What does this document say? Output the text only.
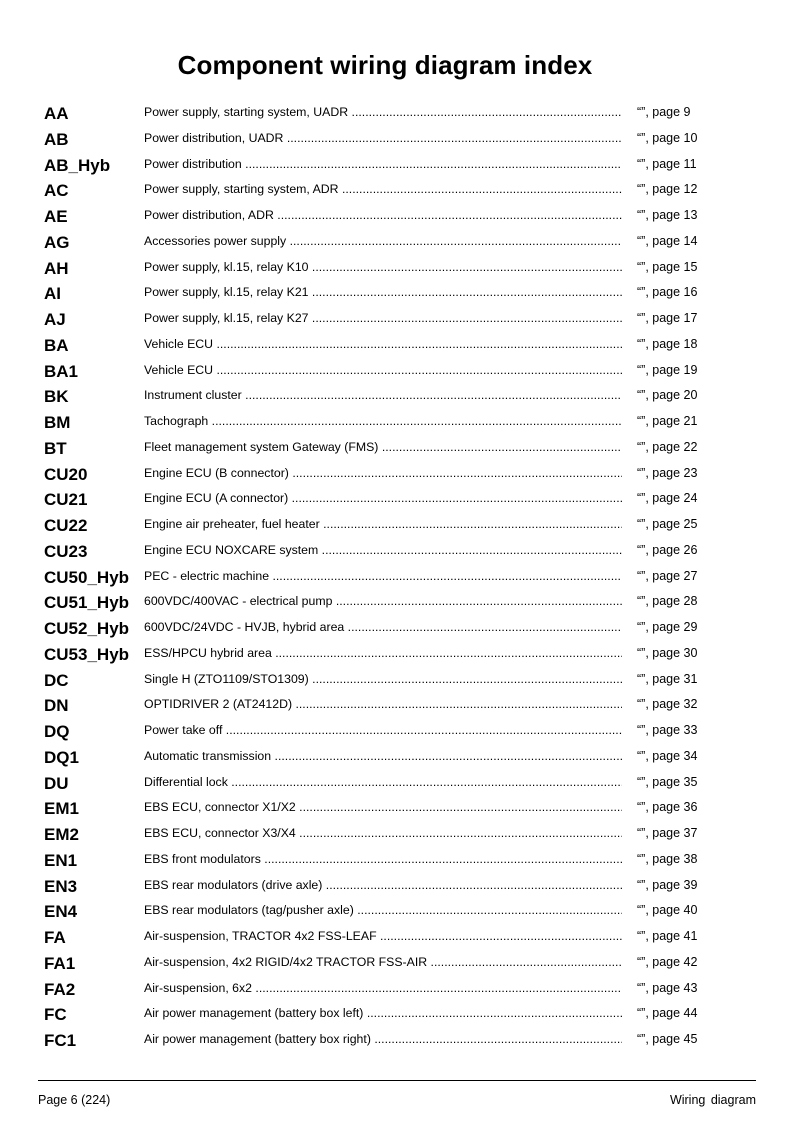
Component wiring diagram index
AA	Power supply, starting system, UADR .....	“”, page 9
AB	Power distribution, UADR .....	“”, page 10
AB_Hyb	Power distribution .....	“”, page 11
AC	Power supply, starting system, ADR .....	“”, page 12
AE	Power distribution, ADR .....	“”, page 13
AG	Accessories power supply .....	“”, page 14
AH	Power supply, kl.15, relay K10 .....	“”, page 15
AI	Power supply, kl.15, relay K21 .....	“”, page 16
AJ	Power supply, kl.15, relay K27 .....	“”, page 17
BA	Vehicle ECU .....	“”, page 18
BA1	Vehicle ECU .....	“”, page 19
BK	Instrument cluster .....	“”, page 20
BM	Tachograph .....	“”, page 21
BT	Fleet management system Gateway (FMS) .....	“”, page 22
CU20	Engine ECU (B connector) .....	“”, page 23
CU21	Engine ECU (A connector) .....	“”, page 24
CU22	Engine air preheater, fuel heater .....	“”, page 25
CU23	Engine ECU NOXCARE system .....	“”, page 26
CU50_Hyb PEC - electric machine .....	“”, page 27
CU51_Hyb 600VDC/400VAC - electrical pump .....	“”, page 28
CU52_Hyb 600VDC/24VDC - HVJB, hybrid area .....	“”, page 29
CU53_Hyb ESS/HPCU hybrid area .....	“”, page 30
DC	Single H (ZTO1109/STO1309) .....	“”, page 31
DN	OPTIDRIVER 2 (AT2412D) .....	“”, page 32
DQ	Power take off .....	“”, page 33
DQ1	Automatic transmission .....	“”, page 34
DU	Differential lock .....	“”, page 35
EM1	EBS ECU, connector X1/X2 .....	“”, page 36
EM2	EBS ECU, connector X3/X4 .....	“”, page 37
EN1	EBS front modulators .....	“”, page 38
EN3	EBS rear modulators (drive axle) .....	“”, page 39
EN4	EBS rear modulators (tag/pusher axle) .....	“”, page 40
FA	Air-suspension, TRACTOR 4x2 FSS-LEAF .....	“”, page 41
FA1	Air-suspension, 4x2 RIGID/4x2 TRACTOR FSS-AIR .....	“”, page 42
FA2	Air-suspension, 6x2 .....	“”, page 43
FC	Air power management (battery box left) .....	“”, page 44
FC1	Air power management (battery box right) .....	“”, page 45
Page 6 (224)	Wiring diagram
